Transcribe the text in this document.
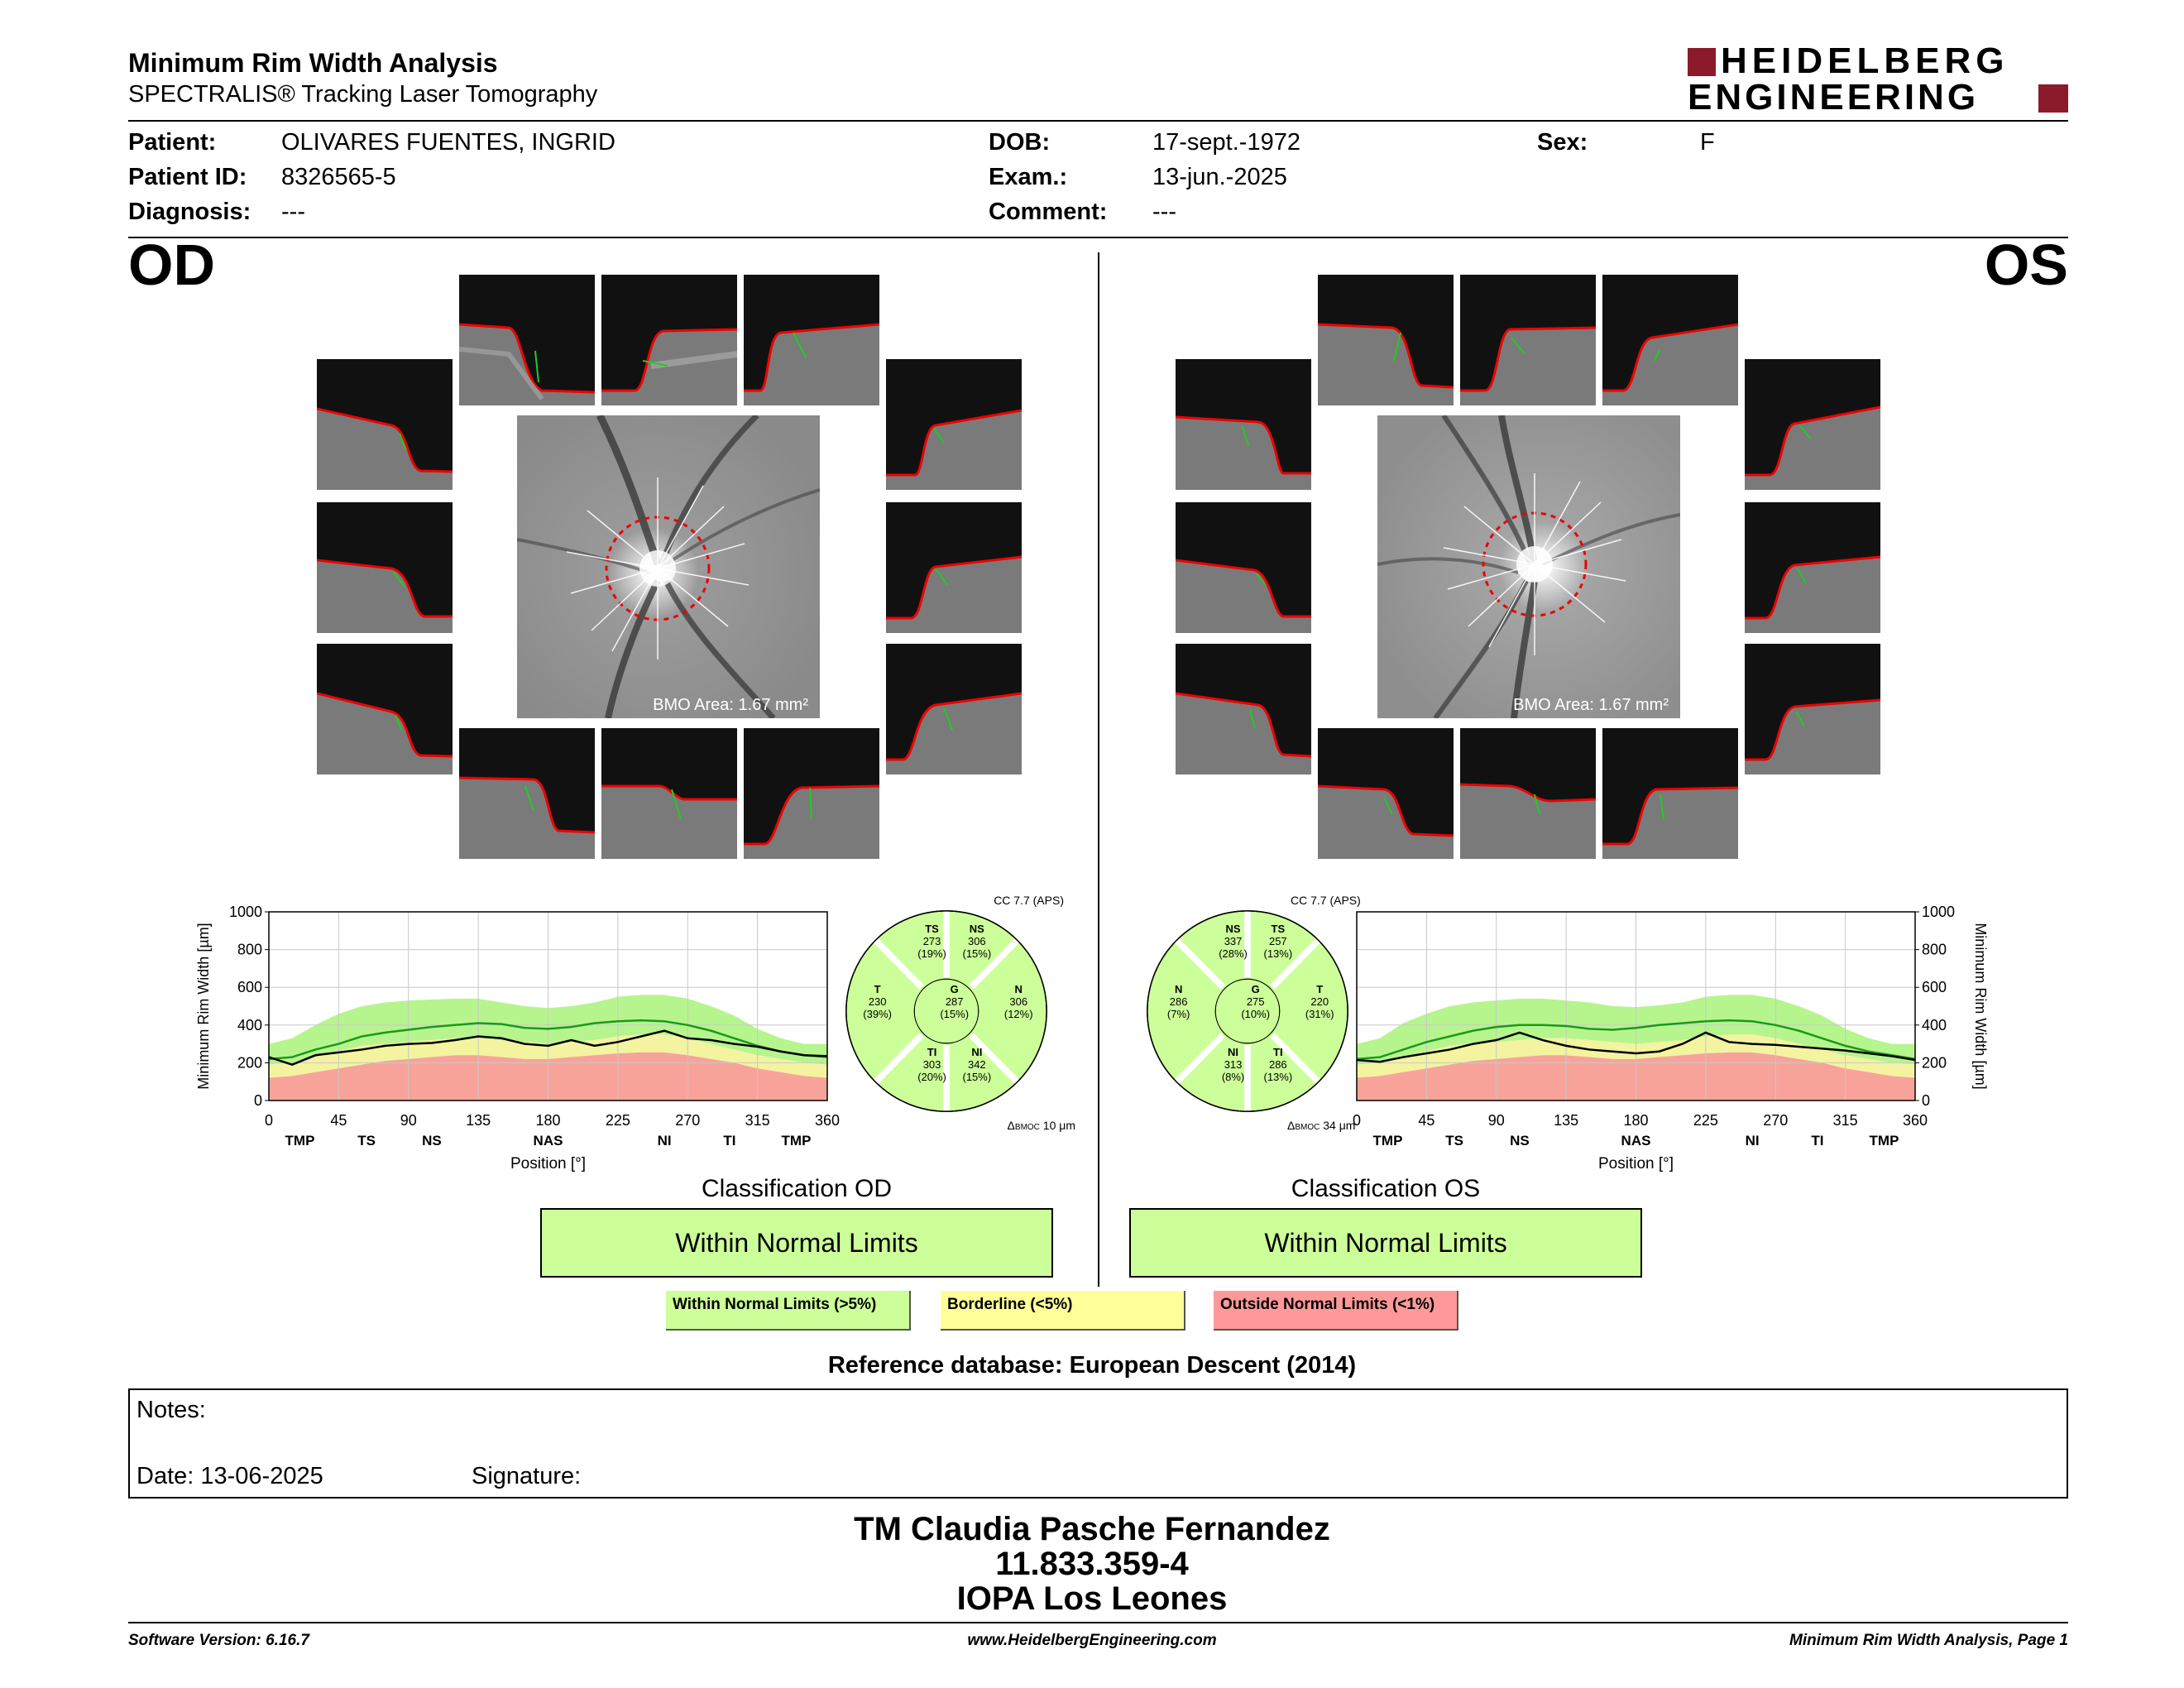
Minimum Rim Width Analysis
SPECTRALIS® Tracking Laser Tomography
HEIDELBERG
ENGINEERING
Patient:	OLIVARES FUENTES, INGRID
Patient ID: 8326565-5
Diagnosis: ---
DOB:	17-sept.-1972
Exam.:	13-jun.-2025
Comment: ---
Sex:	F
OD	OS
BMO Area: 1.67 mm²	BMO Area: 1.67 mm²
0
200
400
600
800
1000
0	45	90	135	180	225	270	315	360
TMP	TS	NS	NAS	NI	TI	TMP
Position [°]
Minimum Rim Width [µm]
0
200
400
600
800
1000
0	45	90	135	180	225	270	315	360
TMP	TS	NS	NAS	NI	TI	TMP
Position [°]
Minimum Rim Width [µm]
CC 7.7 (APS)
TS
273
(19%)
NS
306
(15%)
T
230
(39%)
G
287
(15%)
N
306
(12%)
TI
303
(20%)
NI
342
(15%)
ΔBMOC 10 μm
CC 7.7 (APS)
NS
337
(28%)
TS
257
(13%)
N
286
(7%)
G
275
(10%)
T
220
(31%)
NI
313
(8%)
TI
286
(13%)
ΔBMOC 34 μm
Classification OD
Within Normal Limits
Classification OS
Within Normal Limits
Within Normal Limits (>5%)	Borderline (<5%)	Outside Normal Limits (<1%)
Reference database: European Descent (2014)
Notes:
Date: 13-06-2025	Signature:
TM Claudia Pasche Fernandez
11.833.359-4
IOPA Los Leones
Software Version: 6.16.7	www.HeidelbergEngineering.com	Minimum Rim Width Analysis, Page 1
